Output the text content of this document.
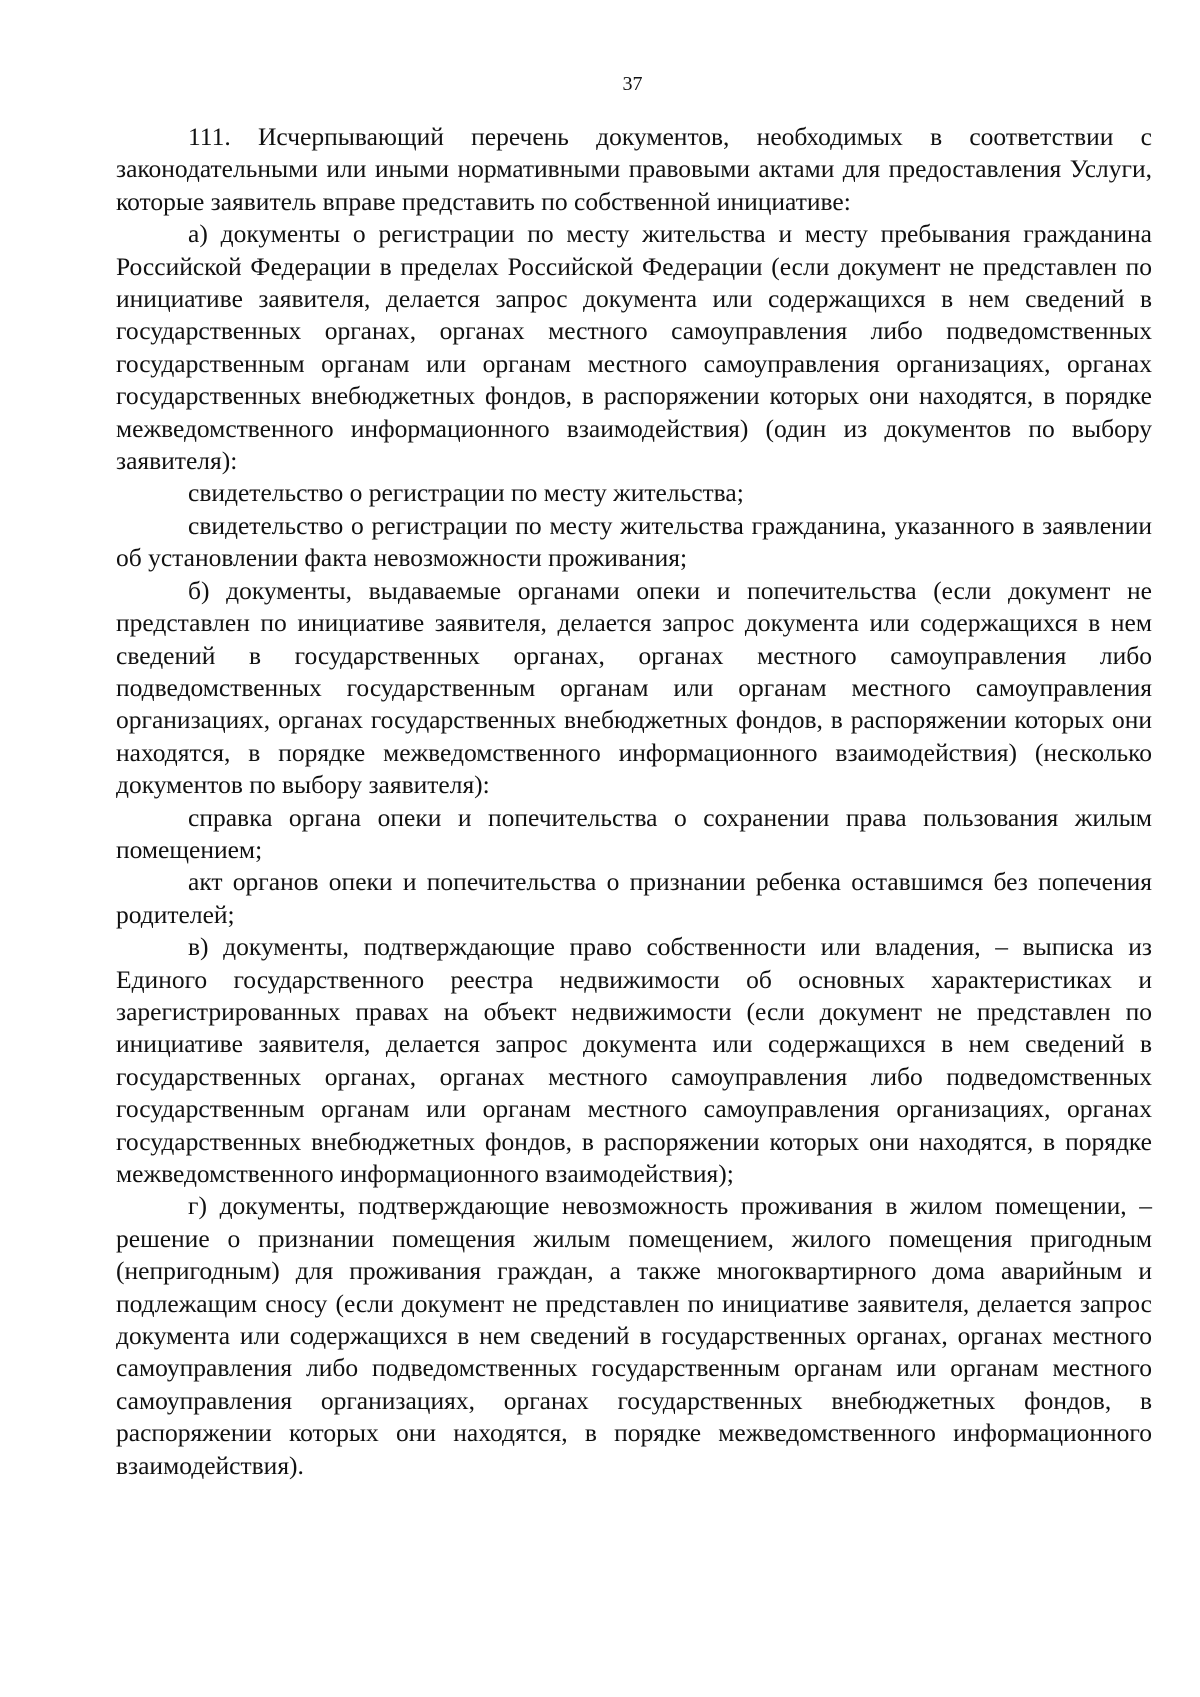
37

111. Исчерпывающий перечень документов, необходимых в соответствии с законодательными или иными нормативными правовыми актами для предоставления Услуги, которые заявитель вправе представить по собственной инициативе:

а) документы о регистрации по месту жительства и месту пребывания гражданина Российской Федерации в пределах Российской Федерации (если документ не представлен по инициативе заявителя, делается запрос документа или содержащихся в нем сведений в государственных органах, органах местного самоуправления либо подведомственных государственным органам или органам местного самоуправления организациях, органах государственных внебюджетных фондов, в распоряжении которых они находятся, в порядке межведомственного информационного взаимодействия) (один из документов по выбору заявителя):

свидетельство о регистрации по месту жительства;

свидетельство о регистрации по месту жительства гражданина, указанного в заявлении об установлении факта невозможности проживания;

б) документы, выдаваемые органами опеки и попечительства (если документ не представлен по инициативе заявителя, делается запрос документа или содержащихся в нем сведений в государственных органах, органах местного самоуправления либо подведомственных государственным органам или органам местного самоуправления организациях, органах государственных внебюджетных фондов, в распоряжении которых они находятся, в порядке межведомственного информационного взаимодействия) (несколько документов по выбору заявителя):

справка органа опеки и попечительства о сохранении права пользования жилым помещением;

акт органов опеки и попечительства о признании ребенка оставшимся без попечения родителей;

в) документы, подтверждающие право собственности или владения, – выписка из Единого государственного реестра недвижимости об основных характеристиках и зарегистрированных правах на объект недвижимости (если документ не представлен по инициативе заявителя, делается запрос документа или содержащихся в нем сведений в государственных органах, органах местного самоуправления либо подведомственных государственным органам или органам местного самоуправления организациях, органах государственных внебюджетных фондов, в распоряжении которых они находятся, в порядке межведомственного информационного взаимодействия);

г) документы, подтверждающие невозможность проживания в жилом помещении, – решение о признании помещения жилым помещением, жилого помещения пригодным (непригодным) для проживания граждан, а также многоквартирного дома аварийным и подлежащим сносу (если документ не представлен по инициативе заявителя, делается запрос документа или содержащихся в нем сведений в государственных органах, органах местного самоуправления либо подведомственных государственным органам или органам местного самоуправления организациях, органах государственных внебюджетных фондов, в распоряжении которых они находятся, в порядке межведомственного информационного взаимодействия).
